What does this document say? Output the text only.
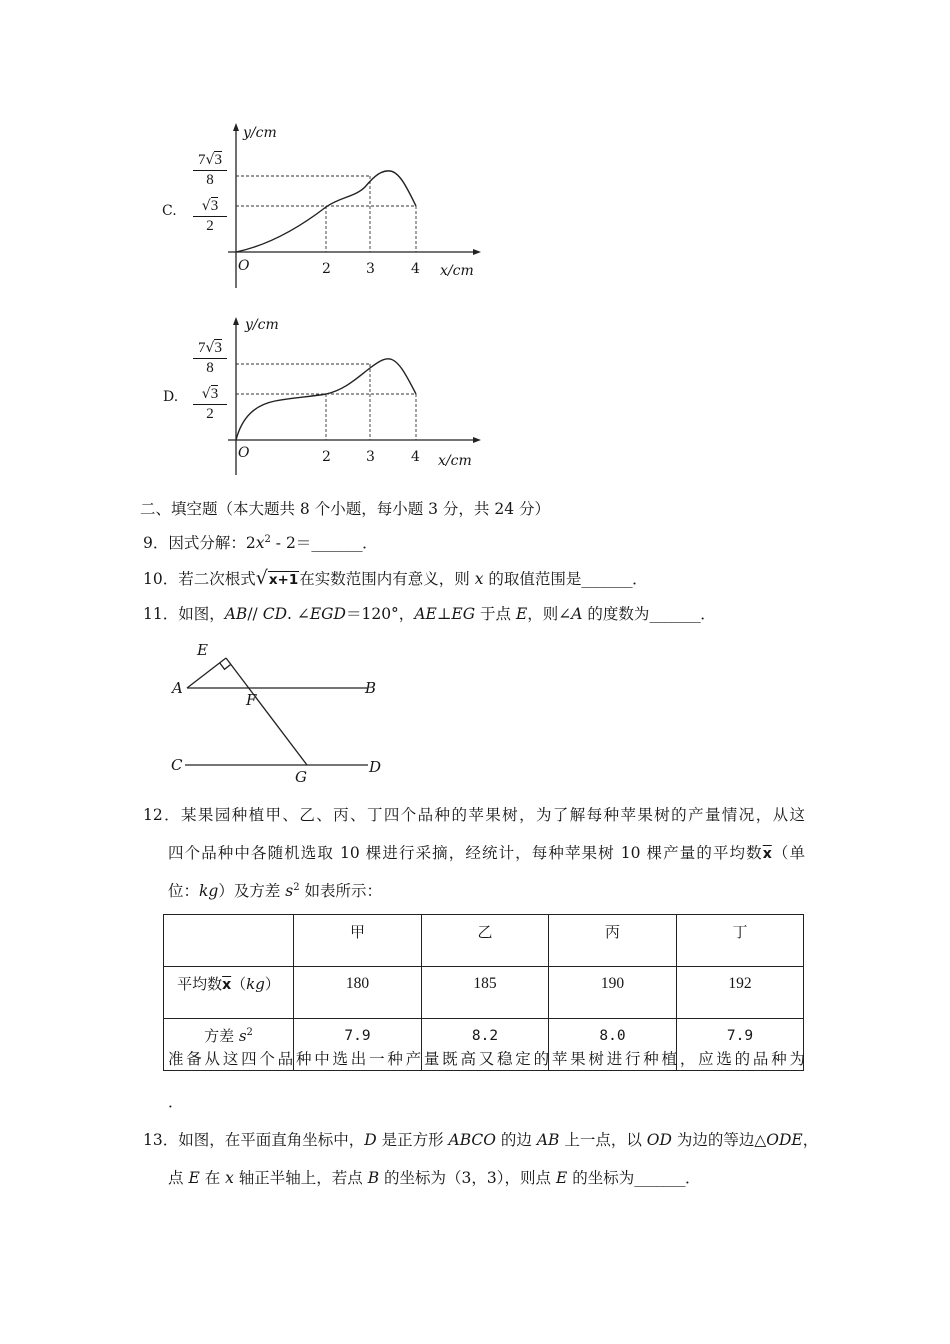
C.
$\frac{7√3}{8}$
$\frac{√3}{2}$
y/cm
O	2	3	4 x/cm
D.
$\frac{7√3}{8}$
$\frac{√3}{2}$
y/cm
O	2	3	4 x/cm
二、填空题（本大题共 8 个小题，每小题 3 分，共 24 分）
9．因式分解：$2x^2$ - 2＝_______．
10．若二次根式√x+1在实数范围内有意义，则 x 的取值范围是_______．
11．如图，AB// CD. ∠EGD＝120°，AE⊥EG 于点 E，则∠A 的度数为_______．
A	B
E
F
C
G
D
12．某果园种植甲、乙、丙、丁四个品种的苹果树，为了解每种苹果树的产量情况，从这
四个品种中各随机选取 10 棵进行采摘，经统计，每种苹果树 10 棵产量的平均数$\overline{x}$（单
位：kg）及方差 $s^2$ 如表所示：
	甲	乙	丙	丁
平均数$\overline{x}(kg)$	180	185	190	192
方差 $s^2$	7.9	8.2	8.0	7.9
准备从这四个品种中选出一种产量既高又稳定的苹果树进行种植，应选的品种为
．
13．如图，在平面直角坐标中，D 是正方形 ABCO 的边 AB 上一点，以 OD 为边的等边△ODE，
点 E 在 x 轴正半轴上，若点 B 的坐标为（3，3），则点 E 的坐标为_______．
